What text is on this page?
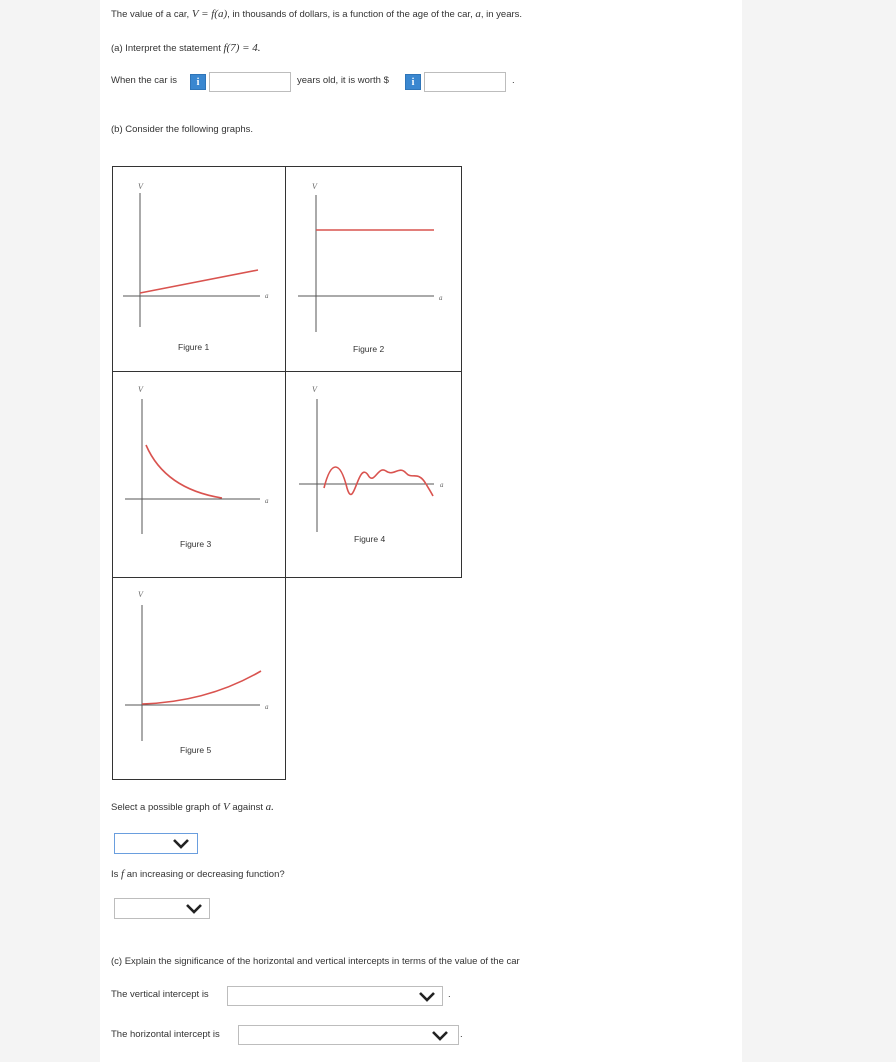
The value of a car, V = f(a), in thousands of dollars, is a function of the age of the car, a, in years.
(a) Interpret the statement f(7) = 4.
When the car is	i	years old, it is worth $	i	.
(b) Consider the following graphs.
V
a
Figure 1
V
a
Figure 2
V
a
Figure 3
V
a
Figure 4
V
a
Figure 5
Select a possible graph of V against a.
Is f an increasing or decreasing function?
(c) Explain the significance of the horizontal and vertical intercepts in terms of the value of the car
The vertical intercept is	.
The horizontal intercept is	.
